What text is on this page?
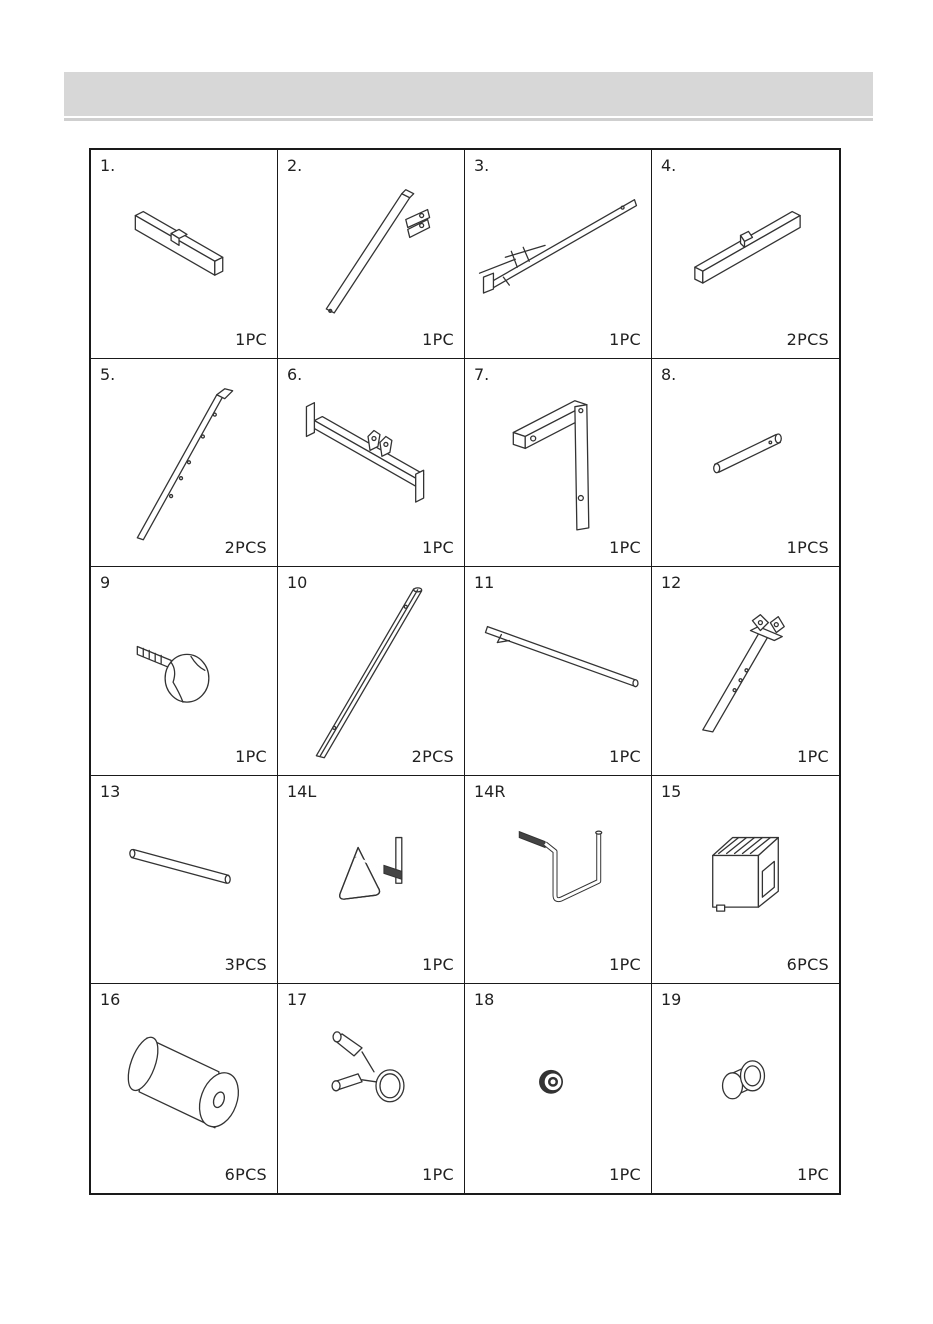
1.
1PC
2.
1PC
3.
1PC
4.
2PCS
5.
2PCS
6.
1PC
7.
1PC
8.
1PCS
9
1PC
10
2PCS
11
1PC
12
1PC
13
3PCS
14L
1PC
14R
1PC
15
6PCS
16
6PCS
17
1PC
18
1PC
19
1PC
